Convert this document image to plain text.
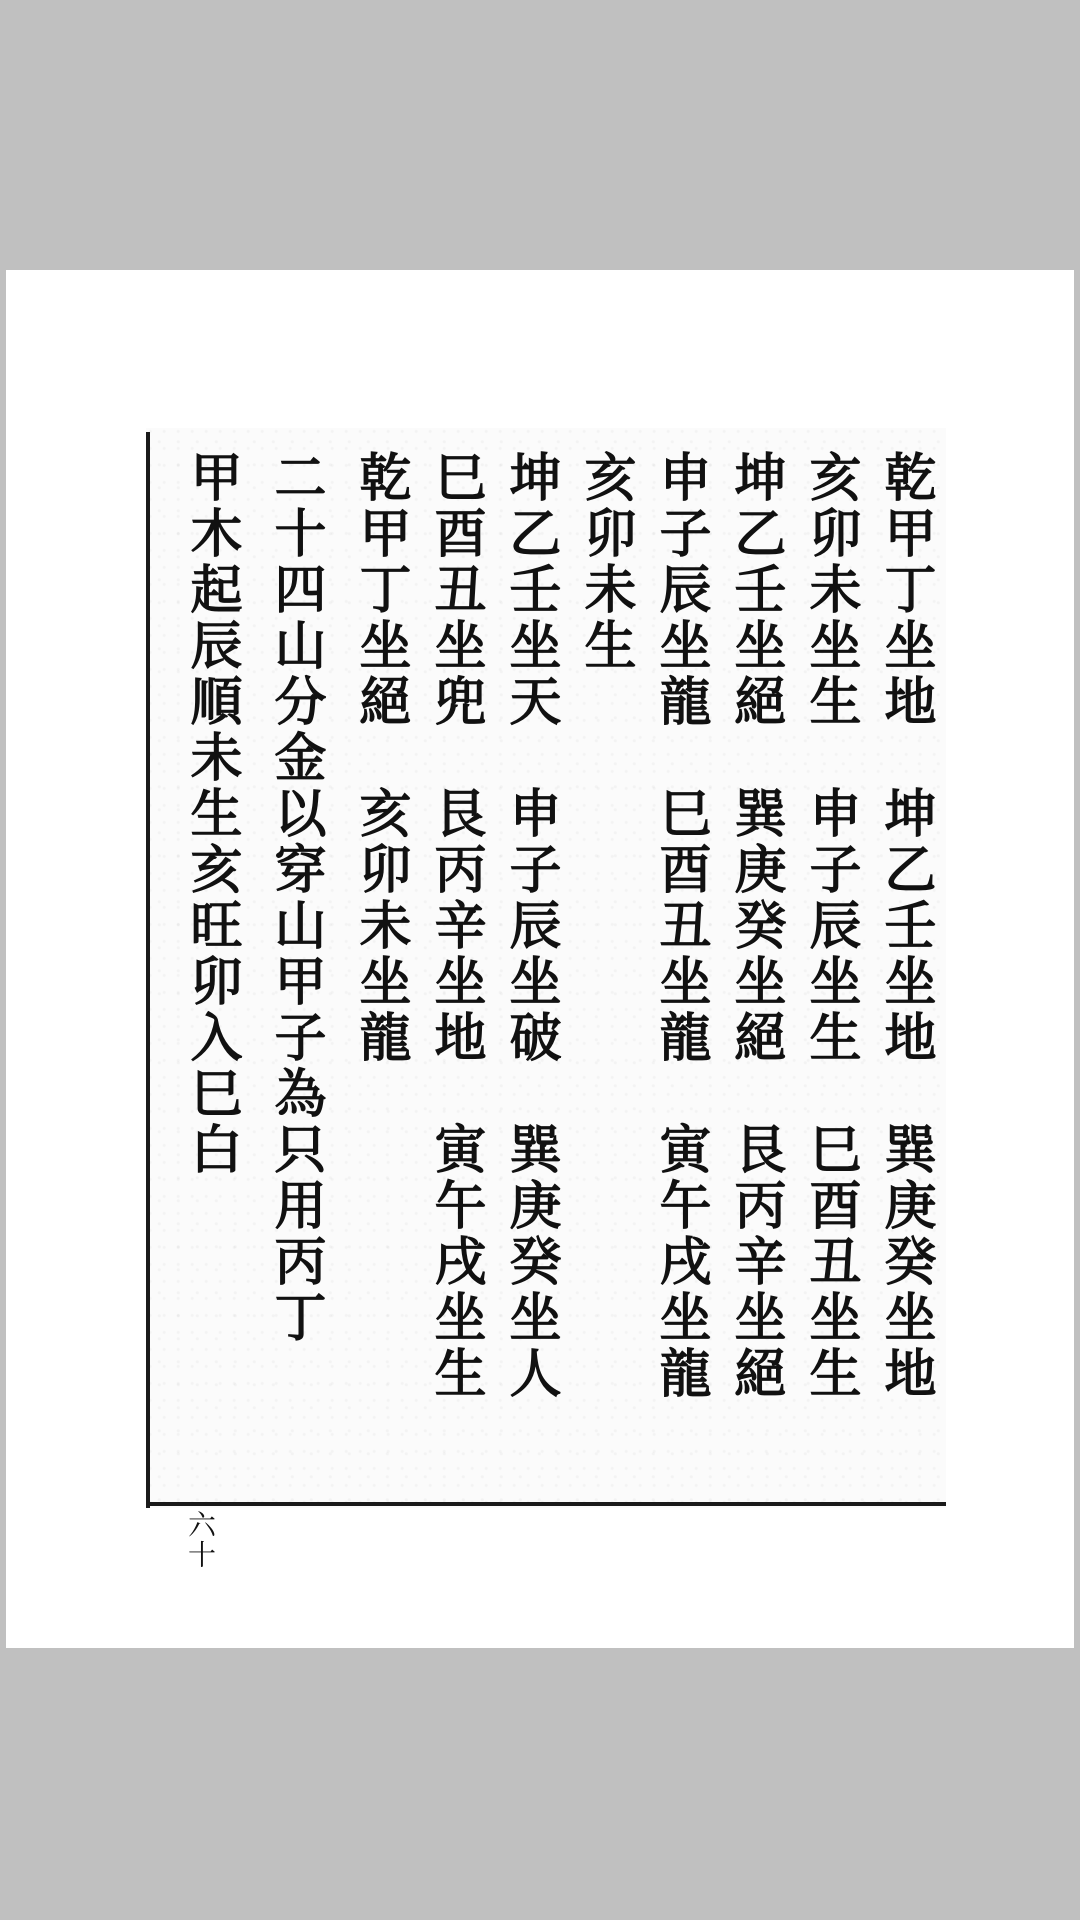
乾甲丁坐地　坤乙壬坐地　巽庚癸坐地
亥卯未坐生　申子辰坐生　巳酉丑坐生
坤乙壬坐絕　巽庚癸坐絕　艮丙辛坐絕
申子辰坐龍　巳酉丑坐龍　寅午戌坐龍
亥卯未生
坤乙壬坐天　申子辰坐破　巽庚癸坐人
巳酉丑坐兜　艮丙辛坐地　寅午戌坐生
乾甲丁坐絕　亥卯未坐龍
二十四山分金以穿山甲子為只用丙丁
甲木起辰順未生亥旺卯入巳白
六十
